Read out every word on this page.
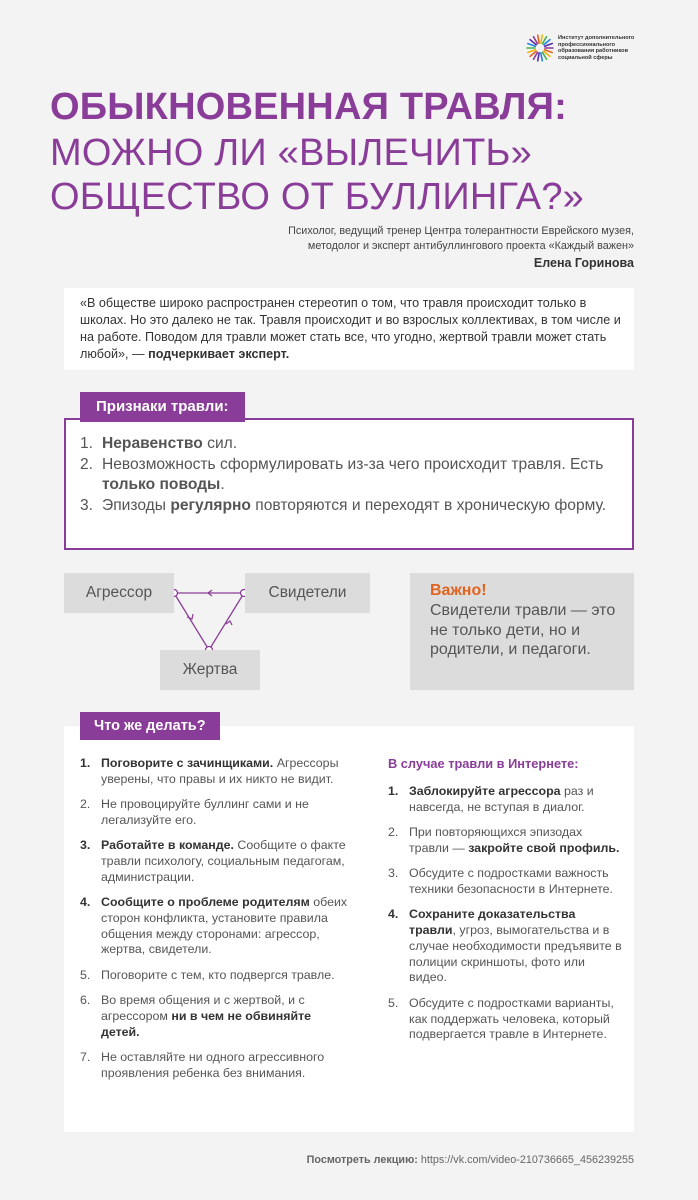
Институт дополнительного
профессионального
образования работников
социальной сферы
ОБЫКНОВЕННАЯ ТРАВЛЯ:
МОЖНО ЛИ «ВЫЛЕЧИТЬ»
ОБЩЕСТВО ОТ БУЛЛИНГА?»
Психолог, ведущий тренер Центра толерантности Еврейского музея,
методолог и эксперт антибуллингового проекта «Каждый важен»
Елена Горинова
«В обществе широко распространен стереотип о том, что травля происходит только в школах. Но это далеко не так. Травля происходит и во взрослых коллективах, в том числе и на работе. Поводом для травли может стать все, что угодно, жертвой травли может стать любой», — подчеркивает эксперт.
1. Неравенство сил.
2. Невозможность сформулировать из-за чего происходит травля. Есть только поводы.
3. Эпизоды регулярно повторяются и переходят в хроническую форму.
Признаки травли:
Агрессор	Свидетели
Жертва
Важно!
Свидетели травли — это не только дети, но и родители, и педагоги.
1. Поговорите с зачинщиками. Агрессоры уверены, что правы и их никто не видит.
2. Не провоцируйте буллинг сами и не легализуйте его.
3. Работайте в команде. Сообщите о факте травли психологу, социальным педагогам, администрации.
4. Сообщите о проблеме родителям обеих сторон конфликта, установите правила общения между сторонами: агрессор, жертва, свидетели.
5. Поговорите с тем, кто подвергся травле.
6. Во время общения и с жертвой, и с агрессором ни в чем не обвиняйте детей.
7. Не оставляйте ни одного агрессивного проявления ребенка без внимания.
В случае травли в Интернете:
1. Заблокируйте агрессора раз и навсегда, не вступая в диалог.
2. При повторяющихся эпизодах травли — закройте свой профиль.
3. Обсудите с подростками важность техники безопасности в Интернете.
4. Сохраните доказательства травли, угроз, вымогательства и в случае необходимости предъявите в полиции скриншоты, фото или видео.
5. Обсудите с подростками варианты, как поддержать человека, который подвергается травле в Интернете.
Что же делать?
Посмотреть лекцию: https://vk.com/video-210736665_456239255
